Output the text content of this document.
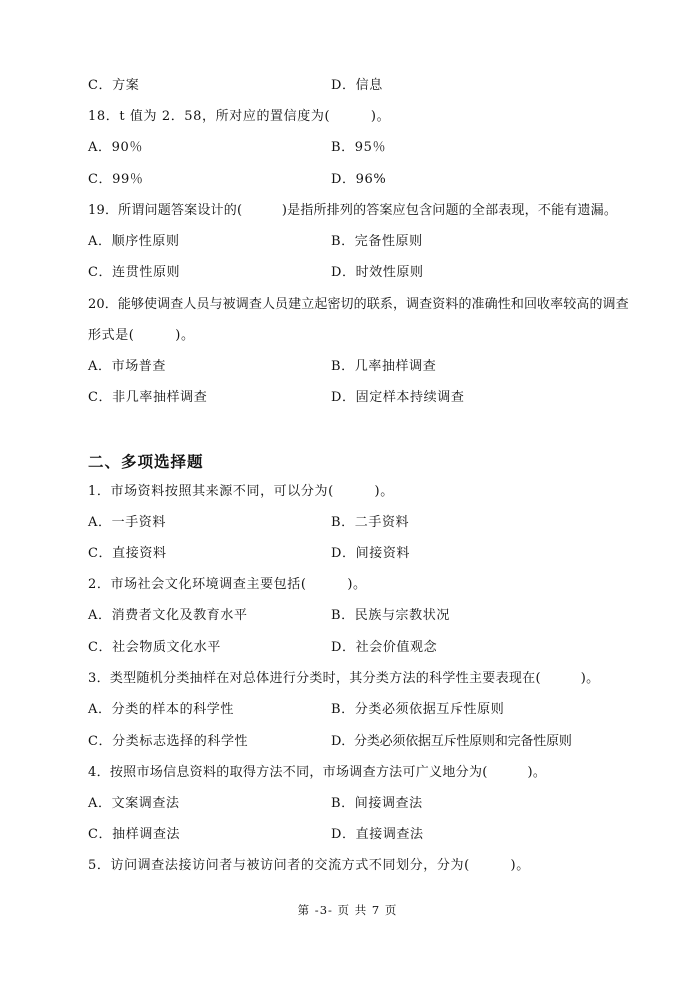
C．方案	D．信息
18．t 值为 2．58，所对应的置信度为(　　　)。
A．90％	B．95％
C．99％	D．96%
19．所谓问题答案设计的(　　　)是指所排列的答案应包含问题的全部表现，不能有遗漏。
A．顺序性原则	B．完备性原则
C．连贯性原则	D．时效性原则
20．能够使调查人员与被调查人员建立起密切的联系，调查资料的准确性和回收率较高的调查
形式是(　　　)。
A．市场普查	B．几率抽样调查
C．非几率抽样调查	D．固定样本持续调查
二、多项选择题
1．市场资料按照其来源不同，可以分为(　　　)。
A．一手资料	B．二手资料
C．直接资料	D．间接资料
2．市场社会文化环境调查主要包括(　　　)。
A．消费者文化及教育水平	B．民族与宗教状况
C．社会物质文化水平	D．社会价值观念
3．类型随机分类抽样在对总体进行分类时，其分类方法的科学性主要表现在(　　　)。
A．分类的样本的科学性	B．分类必须依据互斥性原则
C．分类标志选择的科学性	D．分类必须依据互斥性原则和完备性原则
4．按照市场信息资料的取得方法不同，市场调查方法可广义地分为(　　　)。
A．文案调查法	B．间接调查法
C．抽样调查法	D．直接调查法
5．访问调查法接访问者与被访问者的交流方式不同划分，分为(　　　)。
第 -3- 页 共 7 页
